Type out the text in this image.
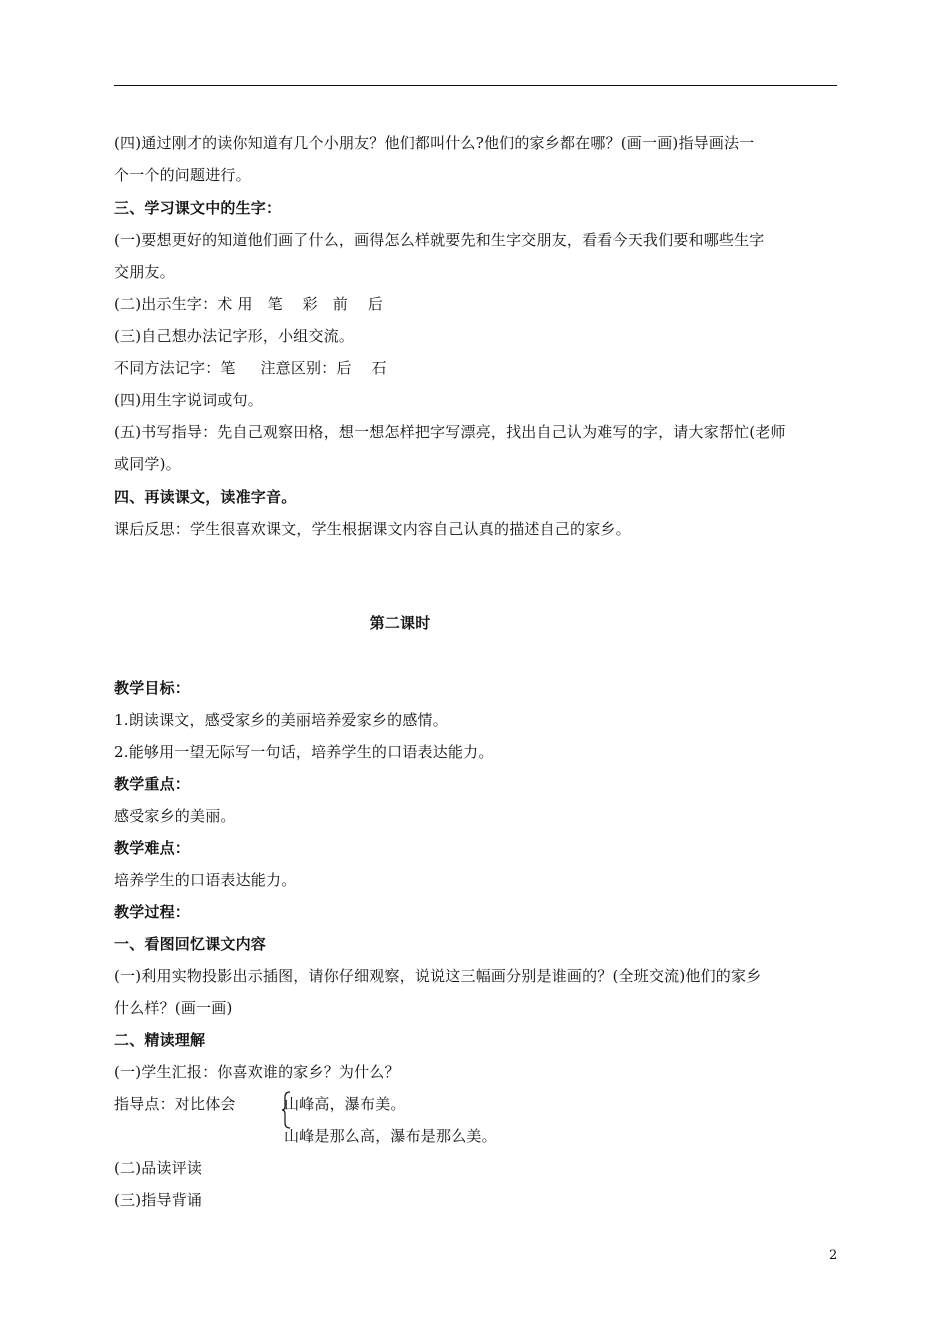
(四)通过刚才的读你知道有几个小朋友？他们都叫什么?他们的家乡都在哪？(画一画)指导画法一
个一个的问题进行。
三、学习课文中的生字：
(一)要想更好的知道他们画了什么，画得怎么样就要先和生字交朋友，看看今天我们要和哪些生字
交朋友。
(二)出示生字：术 用   笔    彩   前    后
(三)自己想办法记字形，小组交流。
不同方法记字：笔     注意区别：后    石
(四)用生字说词或句。
(五)书写指导：先自己观察田格，想一想怎样把字写漂亮，找出自己认为难写的字，请大家帮忙(老师
或同学)。
四、再读课文，读准字音。
课后反思：学生很喜欢课文，学生根据课文内容自己认真的描述自己的家乡。
第二课时
教学目标：
1.朗读课文，感受家乡的美丽培养爱家乡的感情。
2.能够用一望无际写一句话，培养学生的口语表达能力。
教学重点：
感受家乡的美丽。
教学难点：
培养学生的口语表达能力。
教学过程：
一、看图回忆课文内容
(一)利用实物投影出示插图，请你仔细观察，说说这三幅画分别是谁画的？(全班交流)他们的家乡
什么样？(画一画)
二、精读理解
(一)学生汇报：你喜欢谁的家乡？为什么？
指导点：对比体会	山峰高，瀑布美。
山峰是那么高，瀑布是那么美。
(二)品读评读
(三)指导背诵
2
